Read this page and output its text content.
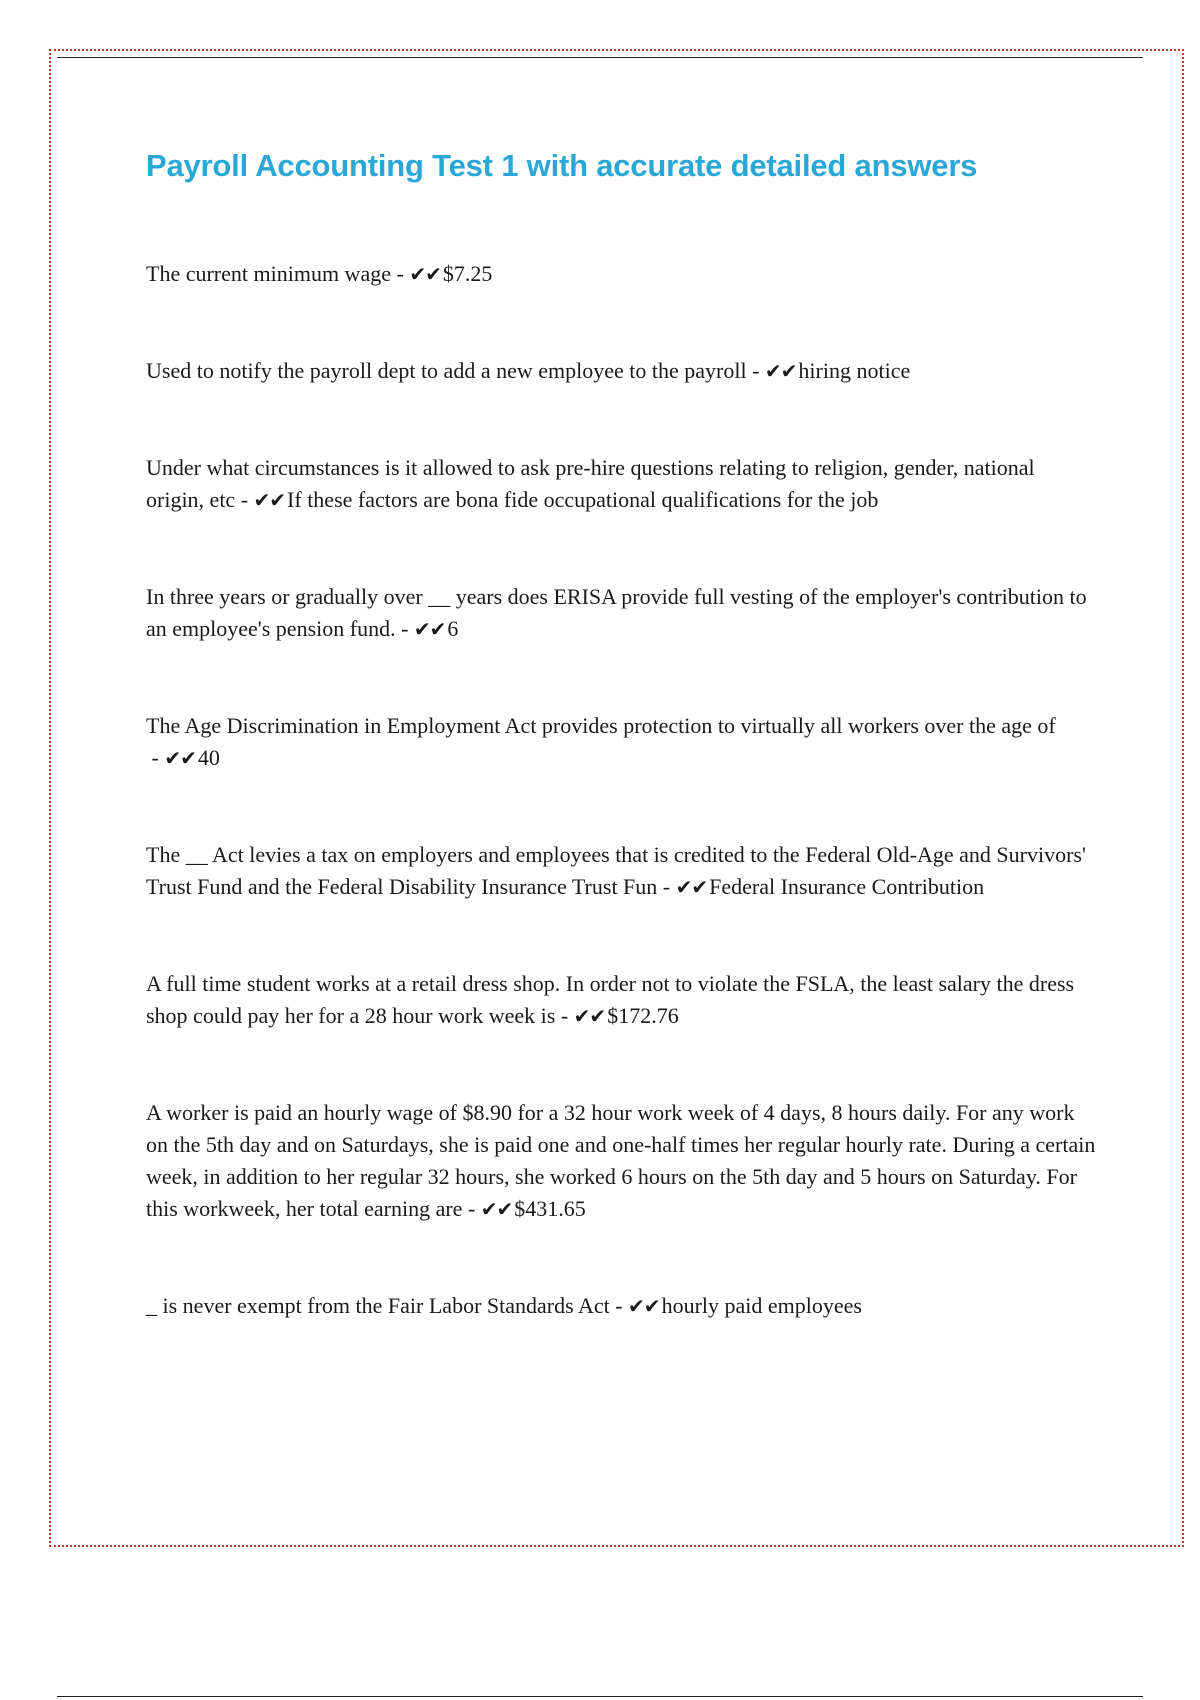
Payroll Accounting Test 1 with accurate detailed answers

The current minimum wage - ✔✔$7.25

Used to notify the payroll dept to add a new employee to the payroll - ✔✔hiring notice

Under what circumstances is it allowed to ask pre-hire questions relating to religion, gender, national origin, etc - ✔✔If these factors are bona fide occupational qualifications for the job

In three years or gradually over __ years does ERISA provide full vesting of the employer's contribution to an employee's pension fund. - ✔✔6

The Age Discrimination in Employment Act provides protection to virtually all workers over the age of - ✔✔40

The __ Act levies a tax on employers and employees that is credited to the Federal Old-Age and Survivors' Trust Fund and the Federal Disability Insurance Trust Fun - ✔✔Federal Insurance Contribution

A full time student works at a retail dress shop. In order not to violate the FSLA, the least salary the dress shop could pay her for a 28 hour work week is - ✔✔$172.76

A worker is paid an hourly wage of $8.90 for a 32 hour work week of 4 days, 8 hours daily. For any work on the 5th day and on Saturdays, she is paid one and one-half times her regular hourly rate. During a certain week, in addition to her regular 32 hours, she worked 6 hours on the 5th day and 5 hours on Saturday. For this workweek, her total earning are - ✔✔$431.65

_ is never exempt from the Fair Labor Standards Act - ✔✔hourly paid employees
